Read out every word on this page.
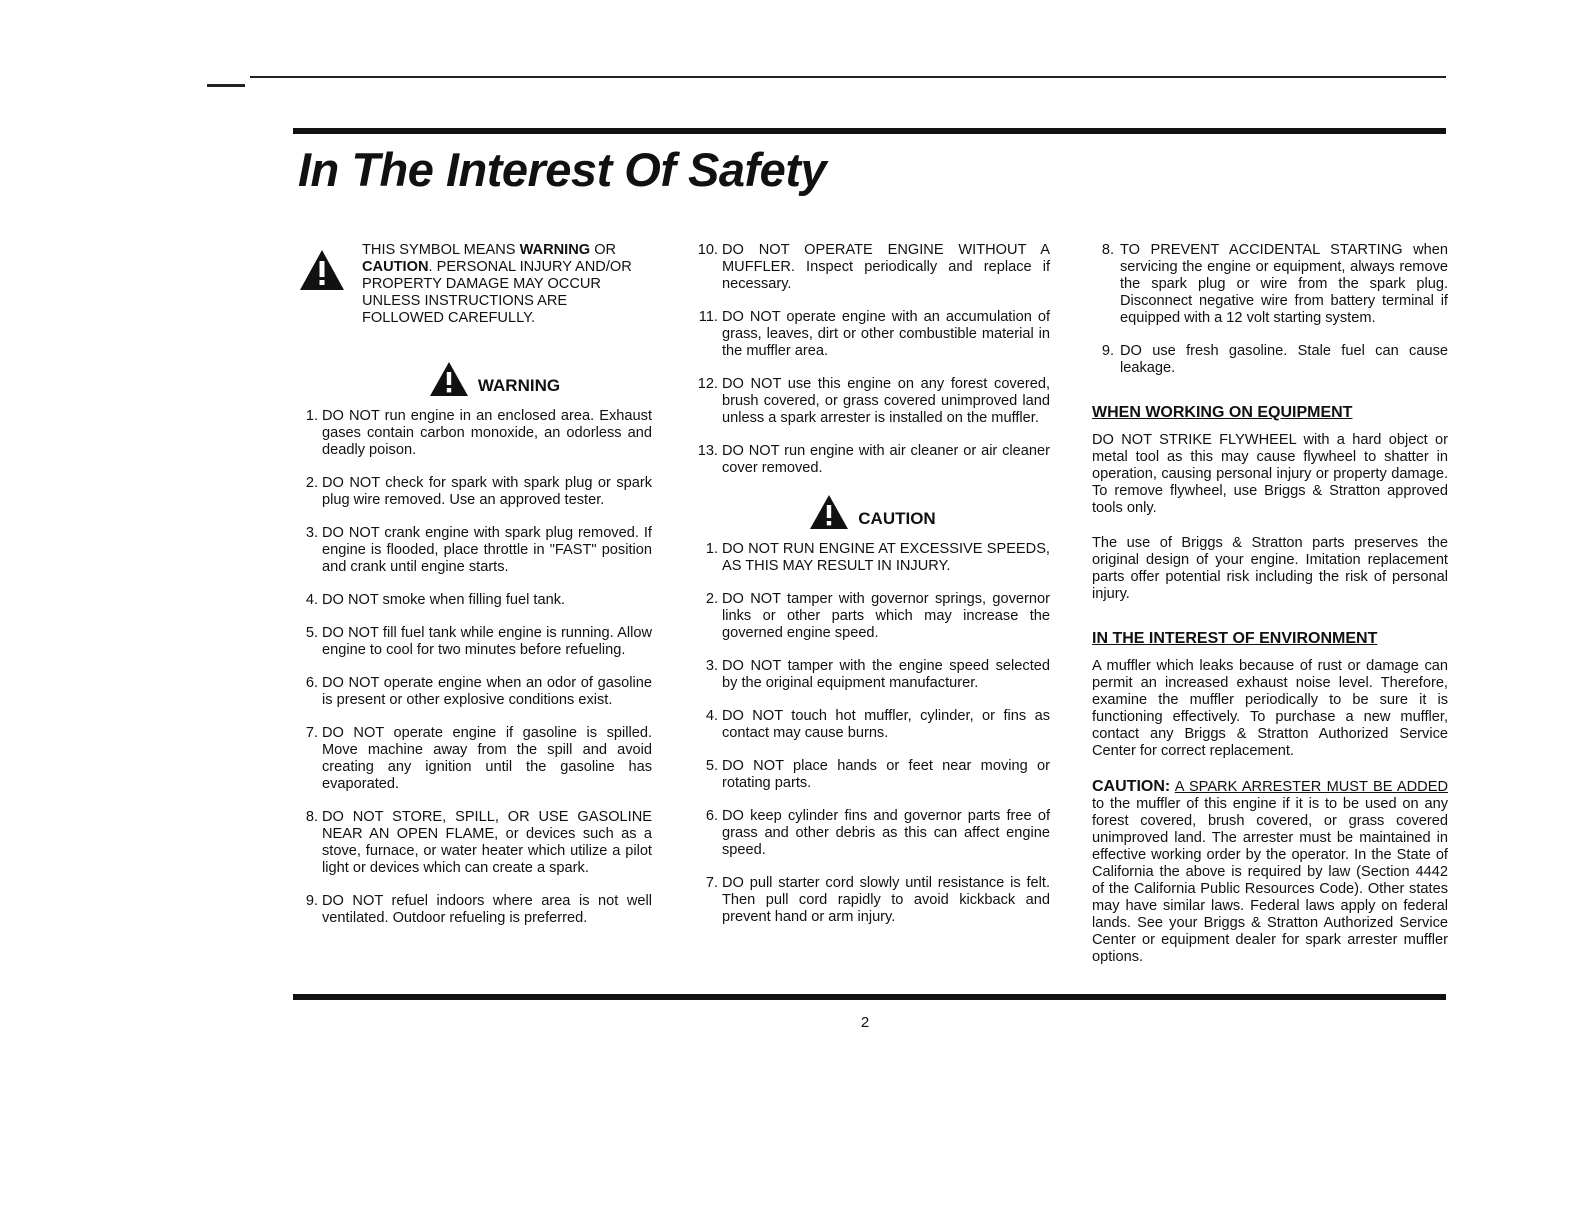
In The Interest Of Safety
THIS SYMBOL MEANS WARNING OR CAUTION. PERSONAL INJURY AND/OR PROPERTY DAMAGE MAY OCCUR UNLESS INSTRUCTIONS ARE FOLLOWED CAREFULLY.
WARNING
1. DO NOT run engine in an enclosed area. Exhaust gases contain carbon monoxide, an odorless and deadly poison.
2. DO NOT check for spark with spark plug or spark plug wire removed. Use an approved tester.
3. DO NOT crank engine with spark plug removed. If engine is flooded, place throttle in "FAST" position and crank until engine starts.
4. DO NOT smoke when filling fuel tank.
5. DO NOT fill fuel tank while engine is running. Allow engine to cool for two minutes before refueling.
6. DO NOT operate engine when an odor of gasoline is present or other explosive conditions exist.
7. DO NOT operate engine if gasoline is spilled. Move machine away from the spill and avoid creating any ignition until the gasoline has evaporated.
8. DO NOT STORE, SPILL, OR USE GASOLINE NEAR AN OPEN FLAME, or devices such as a stove, furnace, or water heater which utilize a pilot light or devices which can create a spark.
9. DO NOT refuel indoors where area is not well ventilated. Outdoor refueling is preferred.
10. DO NOT OPERATE ENGINE WITHOUT A MUFFLER. Inspect periodically and replace if necessary.
11. DO NOT operate engine with an accumulation of grass, leaves, dirt or other combustible material in the muffler area.
12. DO NOT use this engine on any forest covered, brush covered, or grass covered unimproved land unless a spark arrester is installed on the muffler.
13. DO NOT run engine with air cleaner or air cleaner cover removed.
CAUTION
1. DO NOT RUN ENGINE AT EXCESSIVE SPEEDS, AS THIS MAY RESULT IN INJURY.
2. DO NOT tamper with governor springs, governor links or other parts which may increase the governed engine speed.
3. DO NOT tamper with the engine speed selected by the original equipment manufacturer.
4. DO NOT touch hot muffler, cylinder, or fins as contact may cause burns.
5. DO NOT place hands or feet near moving or rotating parts.
6. DO keep cylinder fins and governor parts free of grass and other debris as this can affect engine speed.
7. DO pull starter cord slowly until resistance is felt. Then pull cord rapidly to avoid kickback and prevent hand or arm injury.
8. TO PREVENT ACCIDENTAL STARTING when servicing the engine or equipment, always remove the spark plug or wire from the spark plug. Disconnect negative wire from battery terminal if equipped with a 12 volt starting system.
9. DO use fresh gasoline. Stale fuel can cause leakage.
WHEN WORKING ON EQUIPMENT

DO NOT STRIKE FLYWHEEL with a hard object or metal tool as this may cause flywheel to shatter in operation, causing personal injury or property damage. To remove flywheel, use Briggs & Stratton approved tools only.

The use of Briggs & Stratton parts preserves the original design of your engine. Imitation replacement parts offer potential risk including the risk of personal injury.

IN THE INTEREST OF ENVIRONMENT

A muffler which leaks because of rust or damage can permit an increased exhaust noise level. Therefore, examine the muffler periodically to be sure it is functioning effectively. To purchase a new muffler, contact any Briggs & Stratton Authorized Service Center for correct replacement.

CAUTION: A SPARK ARRESTER MUST BE ADDED to the muffler of this engine if it is to be used on any forest covered, brush covered, or grass covered unimproved land. The arrester must be maintained in effective working order by the operator. In the State of California the above is required by law (Section 4442 of the California Public Resources Code). Other states may have similar laws. Federal laws apply on federal lands. See your Briggs & Stratton Authorized Service Center or equipment dealer for spark arrester muffler options.

2
